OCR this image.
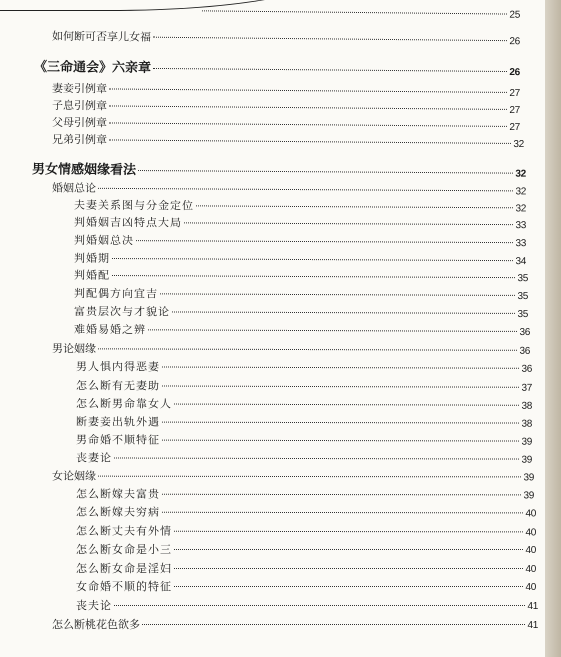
25
如何断可否享儿女福	26
《三命通会》六亲章	26
妻妾引例章	27
子息引例章	27
父母引例章	27
兄弟引例章	32
男女情感姻缘看法	32
婚姻总论	32
夫妻关系图与分金定位	32
判婚姻吉凶特点大局	33
判婚姻总决	33
判婚期	34
判婚配	35
判配偶方向宜吉	35
富贵层次与才貌论	35
难婚易婚之辨	36
男论姻缘	36
男人惧内得恶妻	36
怎么断有无妻助	37
怎么断男命靠女人	38
断妻妾出轨外遇	38
男命婚不顺特征	39
丧妻论	39
女论姻缘	39
怎么断嫁夫富贵	39
怎么断嫁夫穷病	40
怎么断丈夫有外情	40
怎么断女命是小三	40
怎么断女命是淫妇	40
女命婚不顺的特征	40
丧夫论	41
怎么断桃花色欲多	41
